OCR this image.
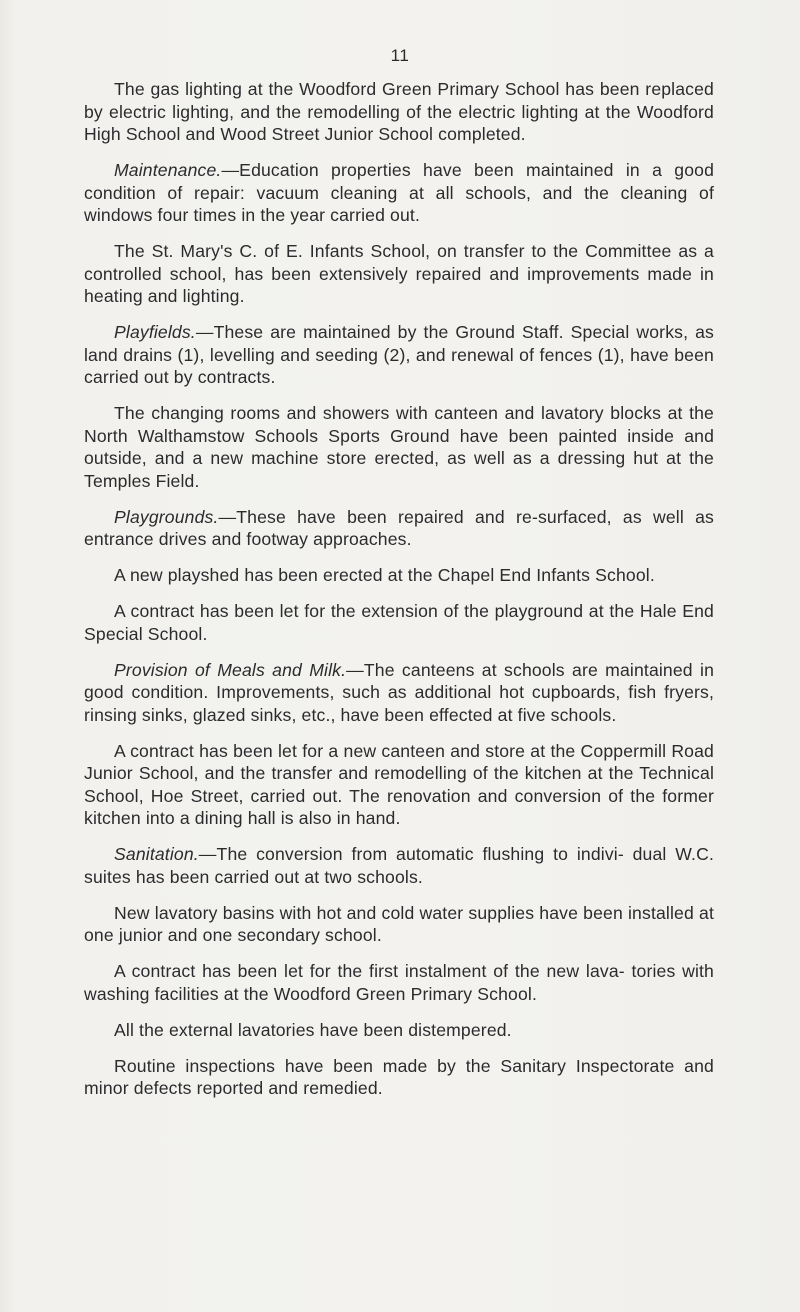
11

The gas lighting at the Woodford Green Primary School has been replaced by electric lighting, and the remodelling of the electric lighting at the Woodford High School and Wood Street Junior School completed.

Maintenance.—Education properties have been maintained in a good condition of repair: vacuum cleaning at all schools, and the cleaning of windows four times in the year carried out.

The St. Mary's C. of E. Infants School, on transfer to the Committee as a controlled school, has been extensively repaired and improvements made in heating and lighting.

Playfields.—These are maintained by the Ground Staff. Special works, as land drains (1), levelling and seeding (2), and renewal of fences (1), have been carried out by contracts.

The changing rooms and showers with canteen and lavatory blocks at the North Walthamstow Schools Sports Ground have been painted inside and outside, and a new machine store erected, as well as a dressing hut at the Temples Field.

Playgrounds.—These have been repaired and re-surfaced, as well as entrance drives and footway approaches.

A new playshed has been erected at the Chapel End Infants School.

A contract has been let for the extension of the playground at the Hale End Special School.

Provision of Meals and Milk.—The canteens at schools are maintained in good condition. Improvements, such as additional hot cupboards, fish fryers, rinsing sinks, glazed sinks, etc., have been effected at five schools.

A contract has been let for a new canteen and store at the Coppermill Road Junior School, and the transfer and remodelling of the kitchen at the Technical School, Hoe Street, carried out. The renovation and conversion of the former kitchen into a dining hall is also in hand.

Sanitation.—The conversion from automatic flushing to indivi- dual W.C. suites has been carried out at two schools.

New lavatory basins with hot and cold water supplies have been installed at one junior and one secondary school.

A contract has been let for the first instalment of the new lava- tories with washing facilities at the Woodford Green Primary School.

All the external lavatories have been distempered.

Routine inspections have been made by the Sanitary Inspectorate and minor defects reported and remedied.
